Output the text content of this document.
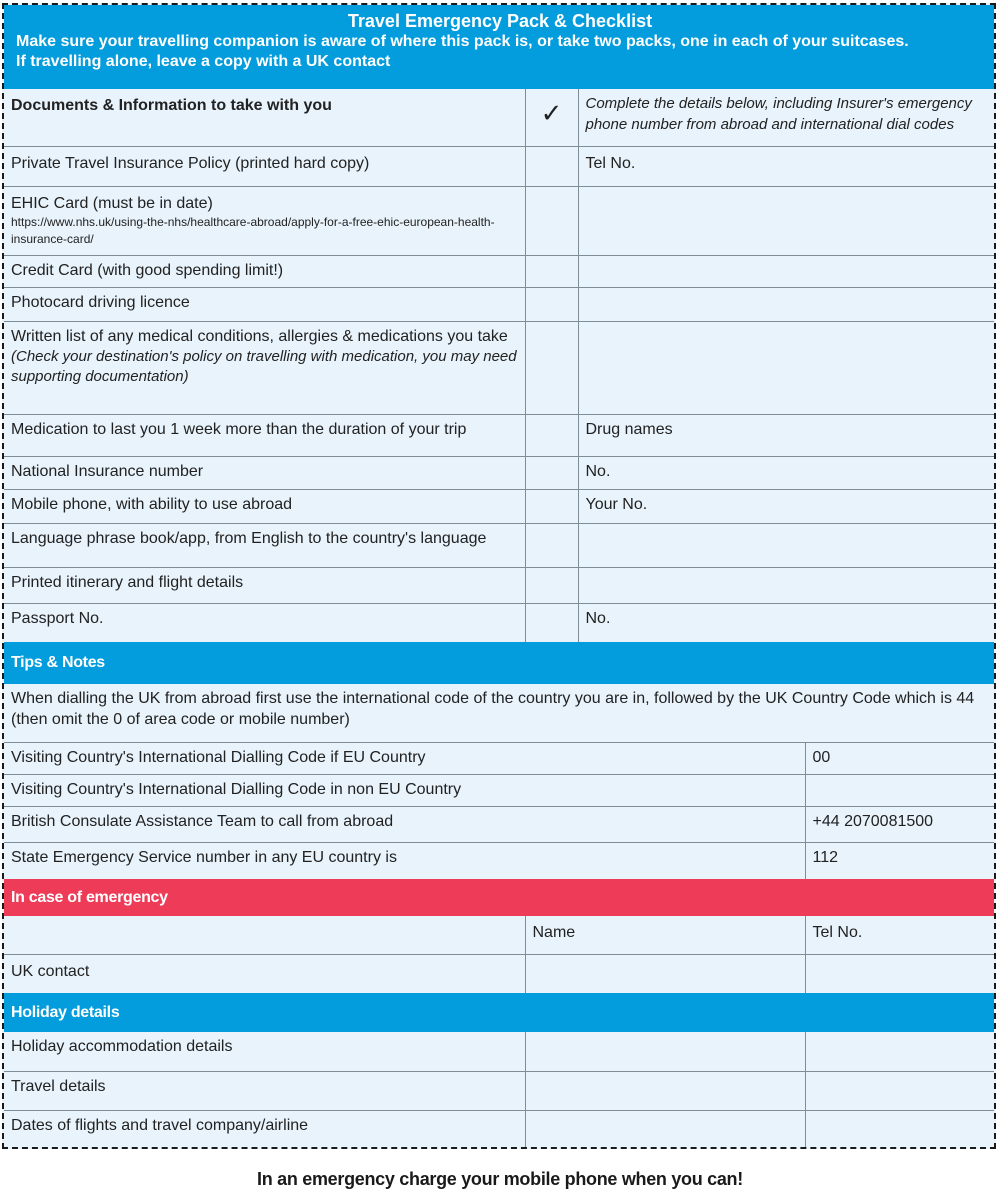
Travel Emergency Pack & Checklist
Make sure your travelling companion is aware of where this pack is, or take two packs, one in each of your suitcases.
If travelling alone, leave a copy with a UK contact
Documents & Information to take with you	✓	Complete the details below, including Insurer's emergency phone number from abroad and international dial codes
Private Travel Insurance Policy (printed hard copy)		Tel No.
EHIC Card (must be in date)
https://www.nhs.uk/using-the-nhs/healthcare-abroad/apply-for-a-free-ehic-european-health-insurance-card/		

Credit Card (with good spending limit!)		
Photocard driving licence		
Written list of any medical conditions, allergies & medications you take
(Check your destination's policy on travelling with medication, you may need supporting documentation)		

Medication to last you 1 week more than the duration of your trip		Drug names
National Insurance number		No.
Mobile phone, with ability to use abroad		Your No.
Language phrase book/app, from English to the country's language		
Printed itinerary and flight details		
Passport No.		No.
Tips & Notes
When dialling the UK from abroad first use the international code of the country you are in, followed by the UK Country Code which is 44 (then omit the 0 of area code or mobile number)	
Visiting Country's International Dialling Code if EU Country	00
Visiting Country's International Dialling Code in non EU Country	
British Consulate Assistance Team to call from abroad	+44 2070081500
State Emergency Service number in any EU country is	112
In case of emergency
	Name	Tel No.
UK contact		
Holiday details
Holiday accommodation details		
Travel details		
Dates of flights and travel company/airline		
In an emergency charge your mobile phone when you can!
